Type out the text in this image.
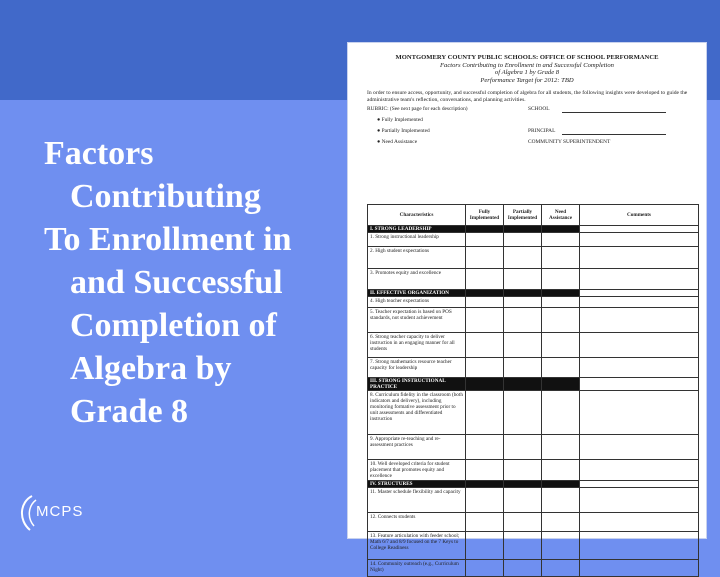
Factors
Contributing
To Enrollment in
and Successful
Completion of
Algebra by
Grade 8
MCPS
MONTGOMERY COUNTY PUBLIC SCHOOLS: OFFICE OF SCHOOL PERFORMANCE
Factors Contributing to Enrollment in and Successful Completion
of Algebra 1 by Grade 8
Performance Target for 2012: TBD
In order to ensure access, opportunity, and successful completion of algebra for all students, the following insights were developed to guide the administrative team's reflection, conversations, and planning activities.
RUBRIC: (See next page for each description)	SCHOOL
● Fully Implemented
● Partially Implemented
● Need Assistance
PRINCIPAL
COMMUNITY SUPERINTENDENT
Characteristics	Fully Implemented	Partially Implemented	Need Assistance	Comments
I. STRONG LEADERSHIP				
1. Strong instructional leadership				
2. High student expectations				
3. Promotes equity and excellence				
II. EFFECTIVE ORGANIZATION				
4. High teacher expectations				
5. Teacher expectation is based on POS standards, not student achievement				
6. Strong teacher capacity to deliver instruction in an engaging manner for all students				
7. Strong mathematics resource teacher capacity for leadership				
III. STRONG INSTRUCTIONAL PRACTICE				
8. Curriculum fidelity in the classroom (both indicators and delivery), including monitoring formative assessment prior to unit assessments and differentiated instruction				
9. Appropriate re-teaching and re-assessment practices				
10. Well developed criteria for student placement that promotes equity and excellence				
IV. STRUCTURES				
11. Master schedule flexibility and capacity				
12. Connects students				
13. Feature articulation with feeder school; Math 6/7 and 8/9 focused on the 7 Keys to College Readiness				
14. Community outreach (e.g., Curriculum Night)				
